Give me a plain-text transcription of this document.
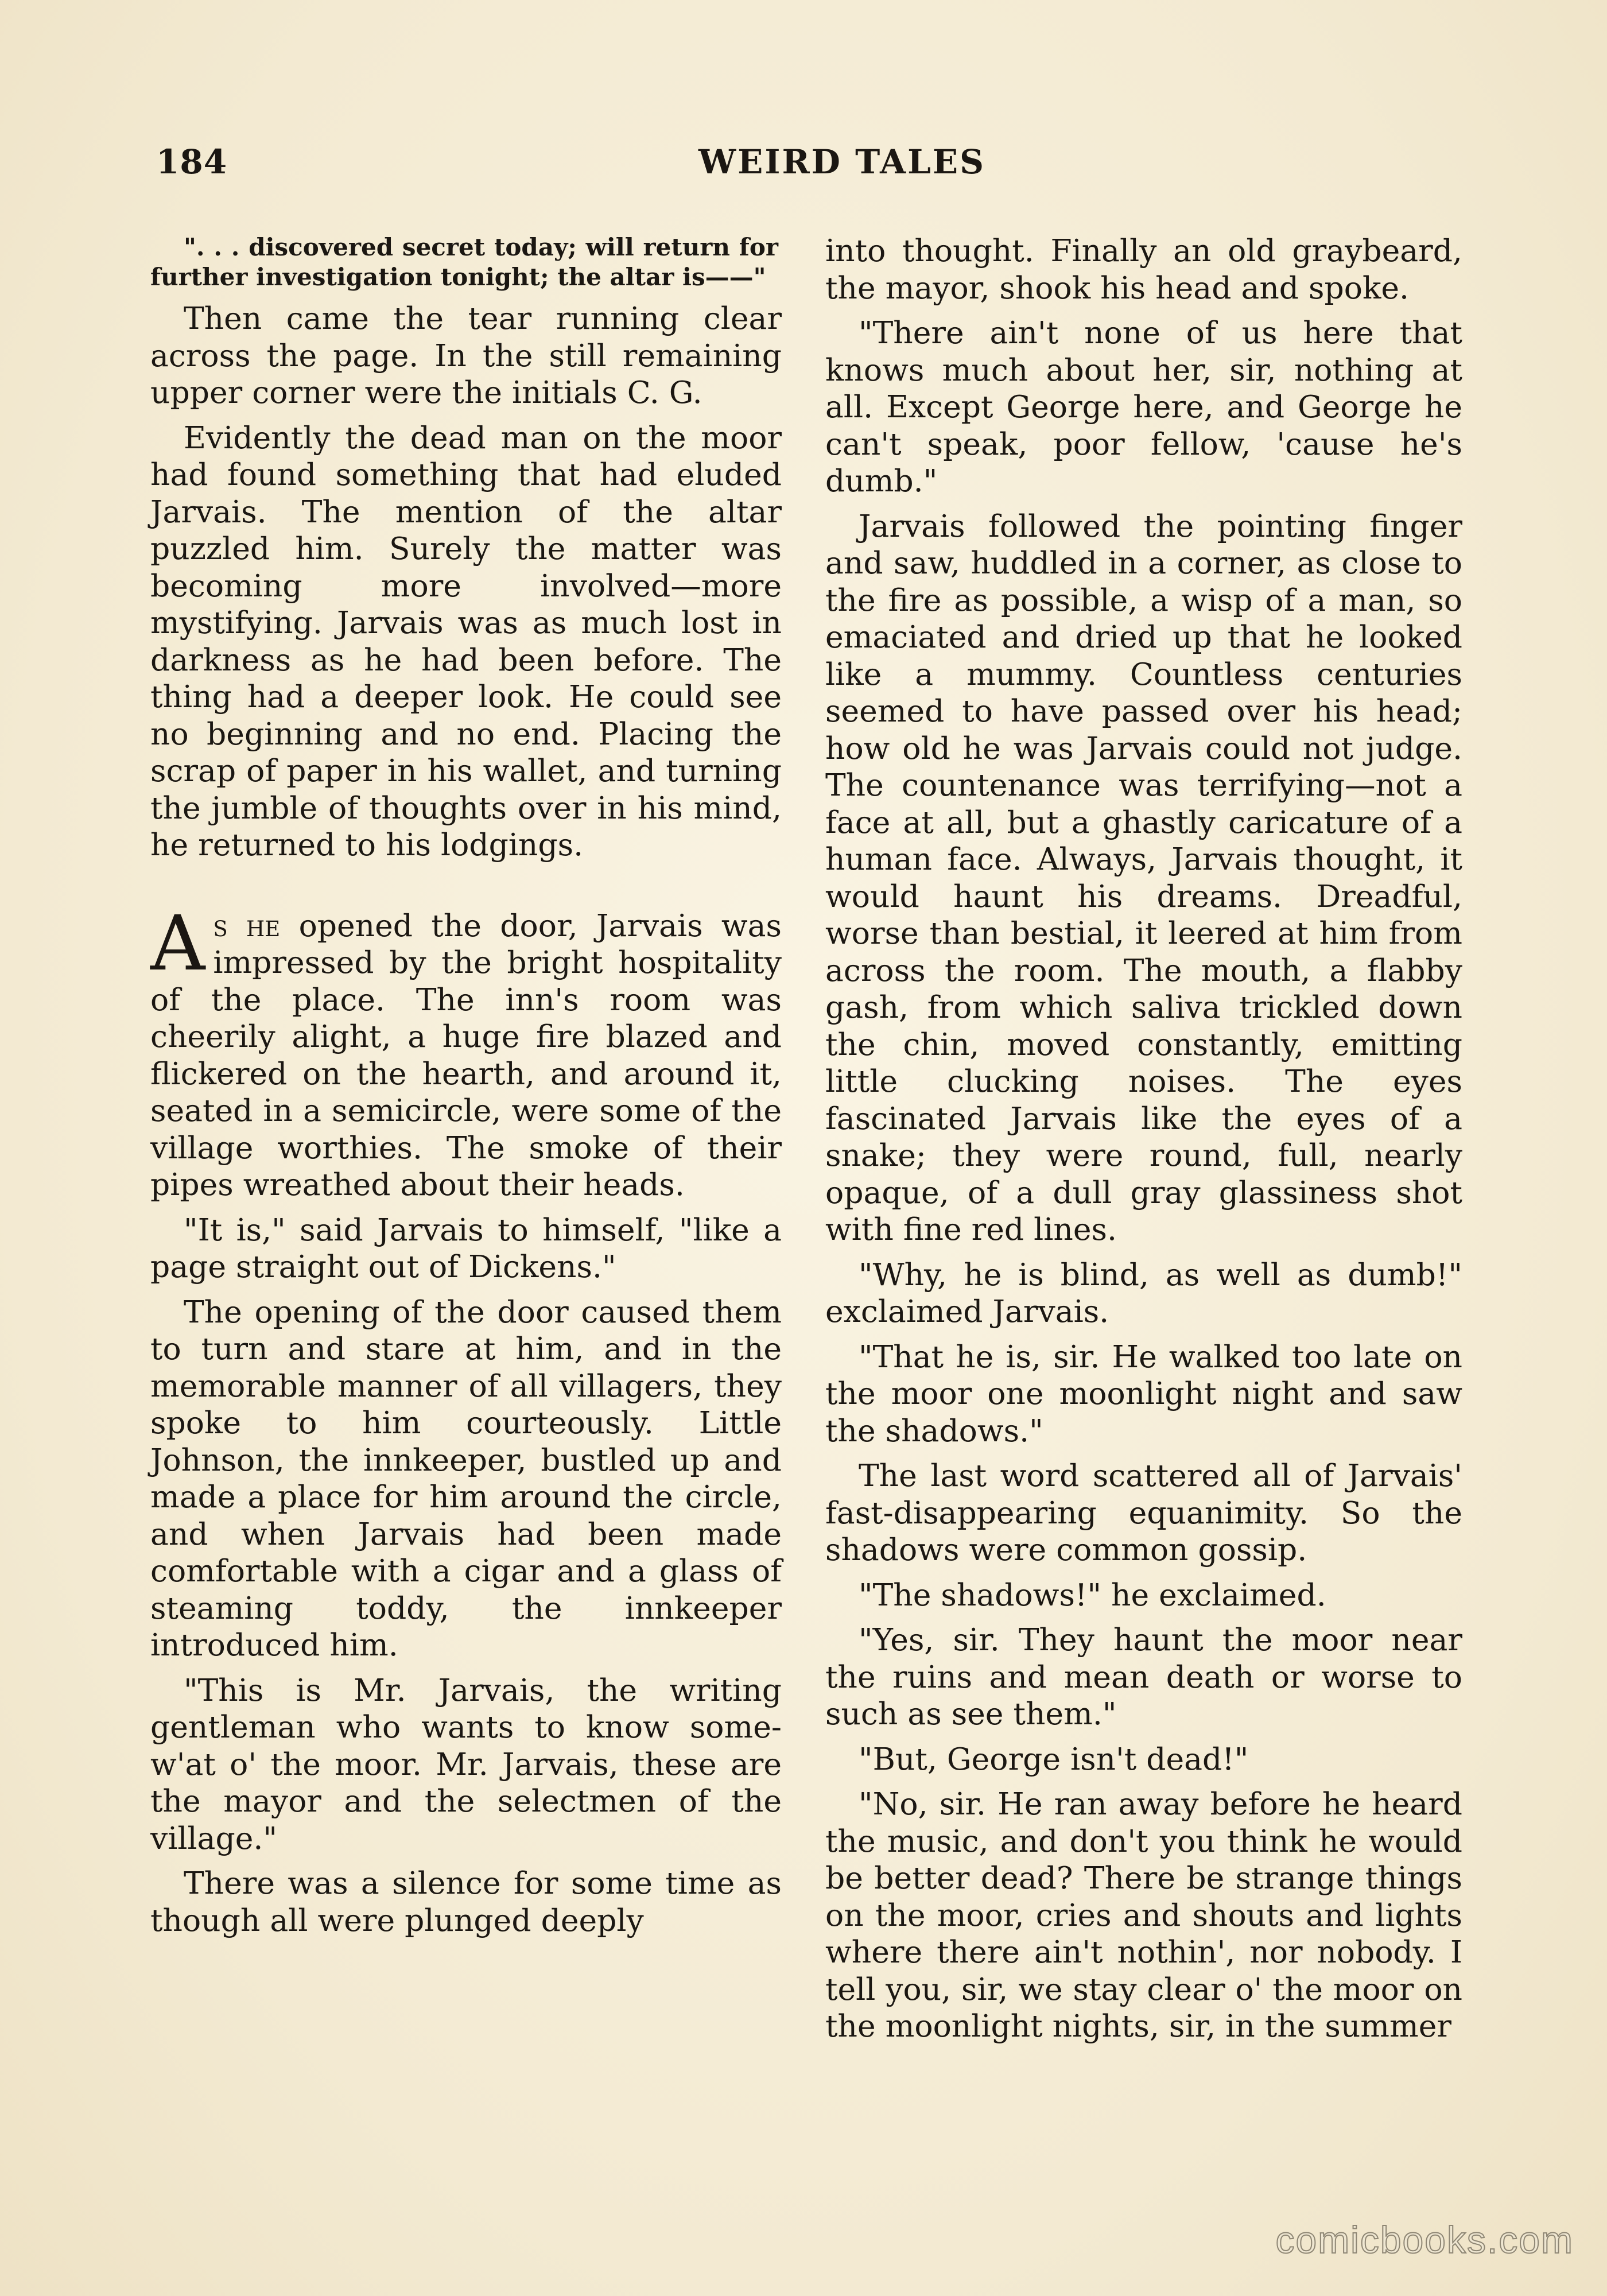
184	WEIRD TALES

". . . discovered secret today; will return for further investigation tonight; the altar is——"

Then came the tear running clear across the page. In the still remaining upper corner were the initials C. G.

Evidently the dead man on the moor had found something that had eluded Jarvais. The mention of the altar puzzled him. Surely the matter was becoming more involved—more mystifying. Jarvais was as much lost in darkness as he had been before. The thing had a deeper look. He could see no beginning and no end. Placing the scrap of paper in his wallet, and turning the jumble of thoughts over in his mind, he returned to his lodgings.

As he opened the door, Jarvais was impressed by the bright hospitality of the place. The inn's room was cheerily alight, a huge fire blazed and flickered on the hearth, and around it, seated in a semicircle, were some of the village worthies. The smoke of their pipes wreathed about their heads.

"It is," said Jarvais to himself, "like a page straight out of Dickens."

The opening of the door caused them to turn and stare at him, and in the memorable manner of all villagers, they spoke to him courteously. Little Johnson, the innkeeper, bustled up and made a place for him around the circle, and when Jarvais had been made comfortable with a cigar and a glass of steaming toddy, the innkeeper introduced him.

"This is Mr. Jarvais, the writing gentleman who wants to know some-w'at o' the moor. Mr. Jarvais, these are the mayor and the selectmen of the village."

There was a silence for some time as though all were plunged deeply

into thought. Finally an old graybeard, the mayor, shook his head and spoke.

"There ain't none of us here that knows much about her, sir, nothing at all. Except George here, and George he can't speak, poor fellow, 'cause he's dumb."

Jarvais followed the pointing finger and saw, huddled in a corner, as close to the fire as possible, a wisp of a man, so emaciated and dried up that he looked like a mummy. Countless centuries seemed to have passed over his head; how old he was Jarvais could not judge. The countenance was terrifying—not a face at all, but a ghastly caricature of a human face. Always, Jarvais thought, it would haunt his dreams. Dreadful, worse than bestial, it leered at him from across the room. The mouth, a flabby gash, from which saliva trickled down the chin, moved constantly, emitting little clucking noises. The eyes fascinated Jarvais like the eyes of a snake; they were round, full, nearly opaque, of a dull gray glassiness shot with fine red lines.

"Why, he is blind, as well as dumb!" exclaimed Jarvais.

"That he is, sir. He walked too late on the moor one moonlight night and saw the shadows."

The last word scattered all of Jarvais' fast-disappearing equanimity. So the shadows were common gossip.

"The shadows!" he exclaimed.

"Yes, sir. They haunt the moor near the ruins and mean death or worse to such as see them."

"But, George isn't dead!"

"No, sir. He ran away before he heard the music, and don't you think he would be better dead? There be strange things on the moor, cries and shouts and lights where there ain't nothin', nor nobody. I tell you, sir, we stay clear o' the moor on the moonlight nights, sir, in the summer

comicbooks.com
